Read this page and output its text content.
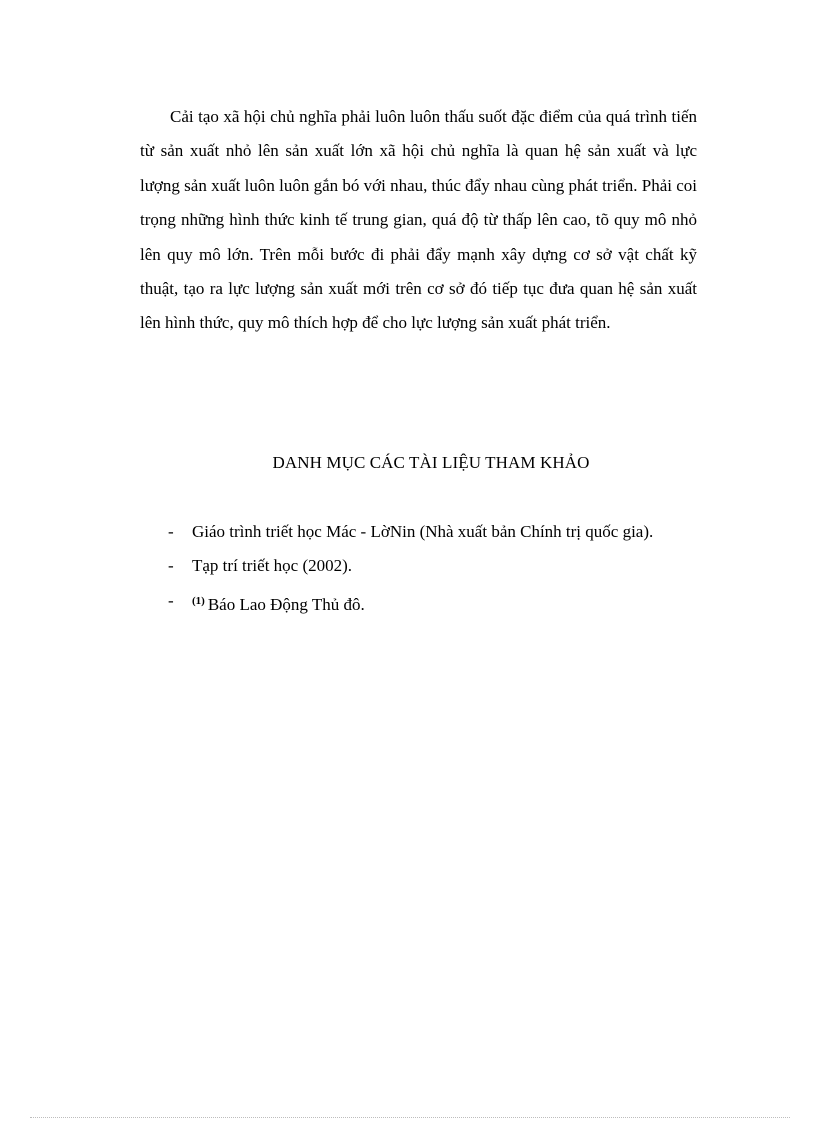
Cải tạo xã hội chủ nghĩa phải luôn luôn thấu suốt đặc điểm của quá trình tiến từ sản xuất nhỏ lên sản xuất lớn xã hội chủ nghĩa là quan hệ sản xuất và lực lượng sản xuất luôn luôn gắn bó với nhau, thúc đẩy nhau cùng phát triển. Phải coi trọng những hình thức kinh tế trung gian, quá độ từ thấp lên cao, tõ quy mô nhỏ lên quy mô lớn. Trên mỗi bước đi phải đẩy mạnh xây dựng cơ sở vật chất kỹ thuật, tạo ra lực lượng sản xuất mới trên cơ sở đó tiếp tục đưa quan hệ sản xuất lên hình thức, quy mô thích hợp để cho lực lượng sản xuất phát triển.

DANH MỤC CÁC TÀI LIỆU THAM KHẢO
- Giáo trình triết học Mác - LờNin (Nhà xuất bản Chính trị quốc gia).
- Tạp trí triết học (2002).
- $^{(1)}$ Báo Lao Động Thủ đô.
